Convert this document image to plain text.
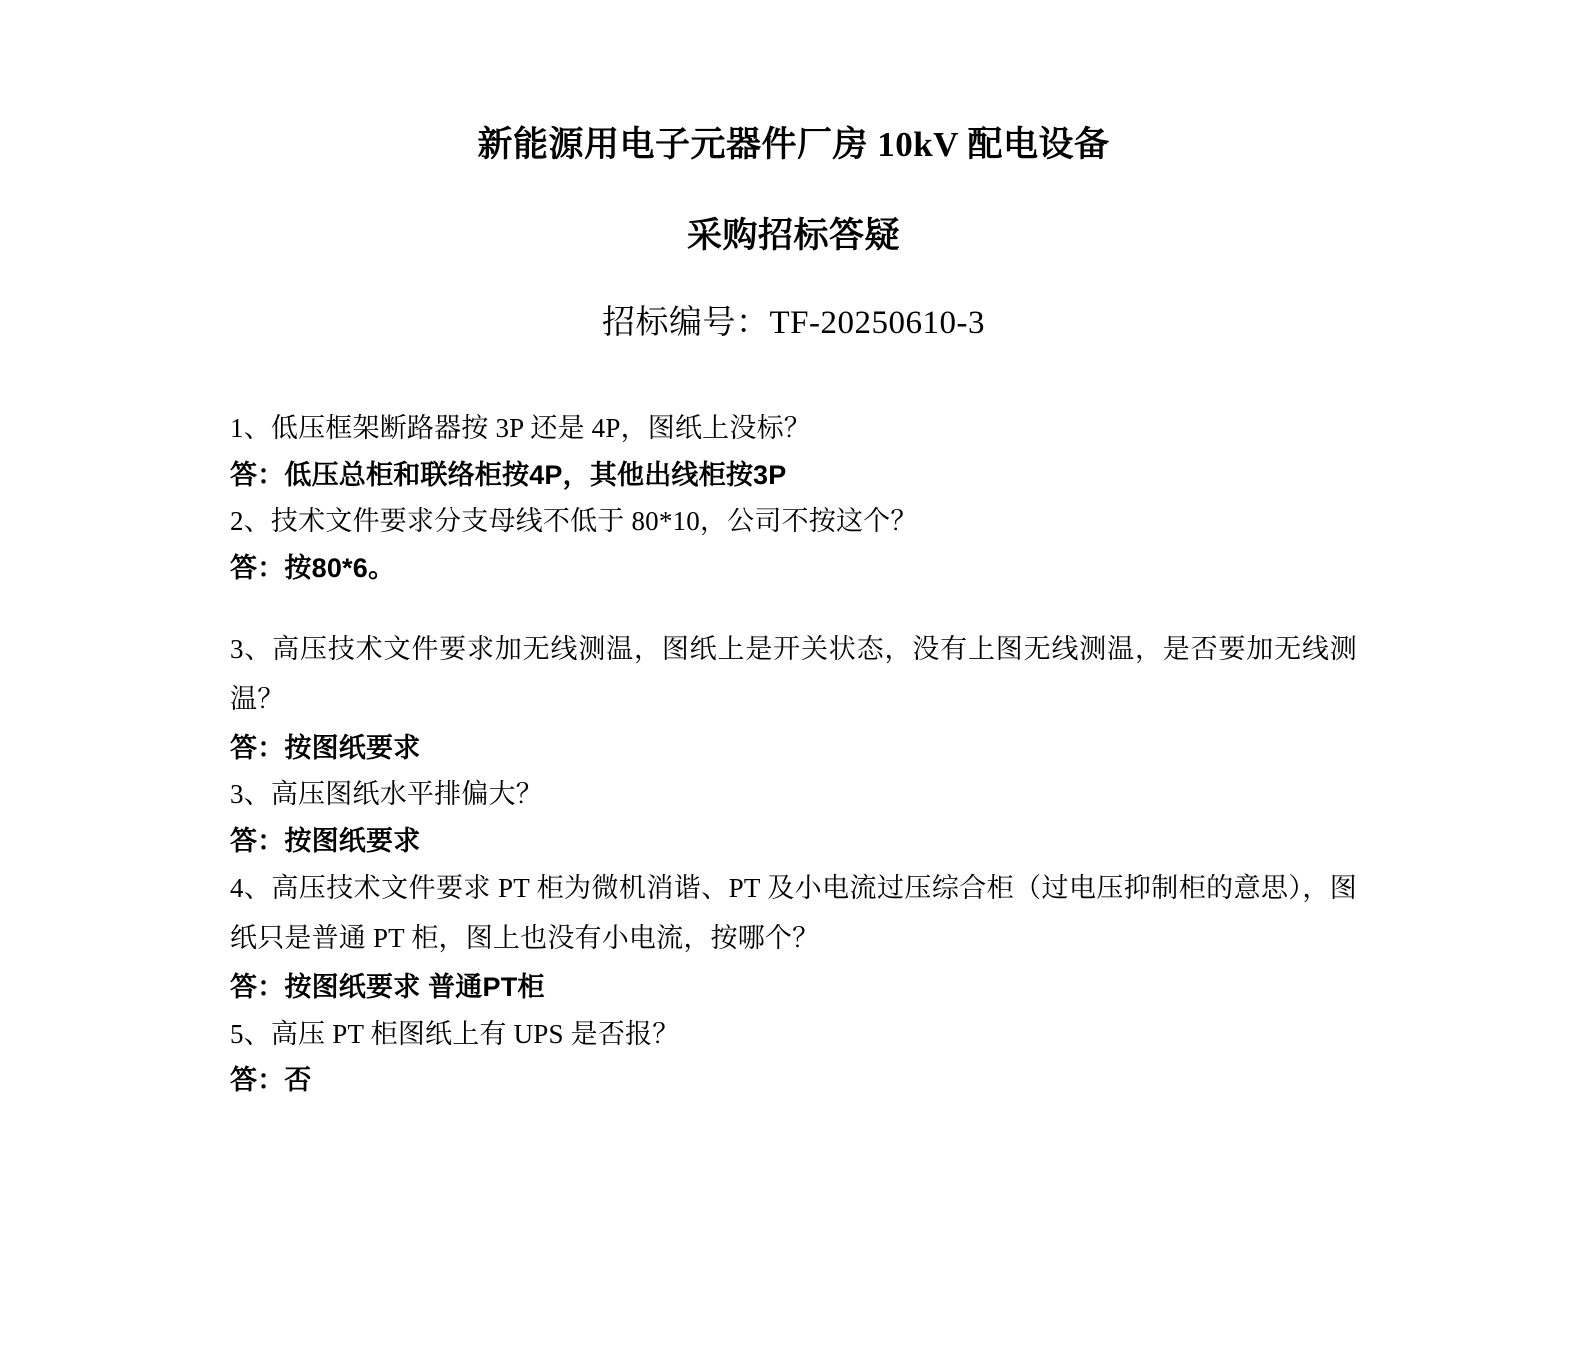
新能源用电子元器件厂房 10kV 配电设备
采购招标答疑
招标编号：TF-20250610-3

1、低压框架断路器按 3P 还是 4P，图纸上没标？

答：低压总柜和联络柜按4P，其他出线柜按3P

2、技术文件要求分支母线不低于 80*10，公司不按这个？

答：按80*6。

3、高压技术文件要求加无线测温，图纸上是开关状态，没有上图无线测温，是否要加无线测温？

答：按图纸要求

3、高压图纸水平排偏大？

答：按图纸要求

4、高压技术文件要求 PT 柜为微机消谐、PT 及小电流过压综合柜（过电压抑制柜的意思），图纸只是普通 PT 柜，图上也没有小电流，按哪个？

答：按图纸要求 普通PT柜

5、高压 PT 柜图纸上有 UPS 是否报？

答：否
